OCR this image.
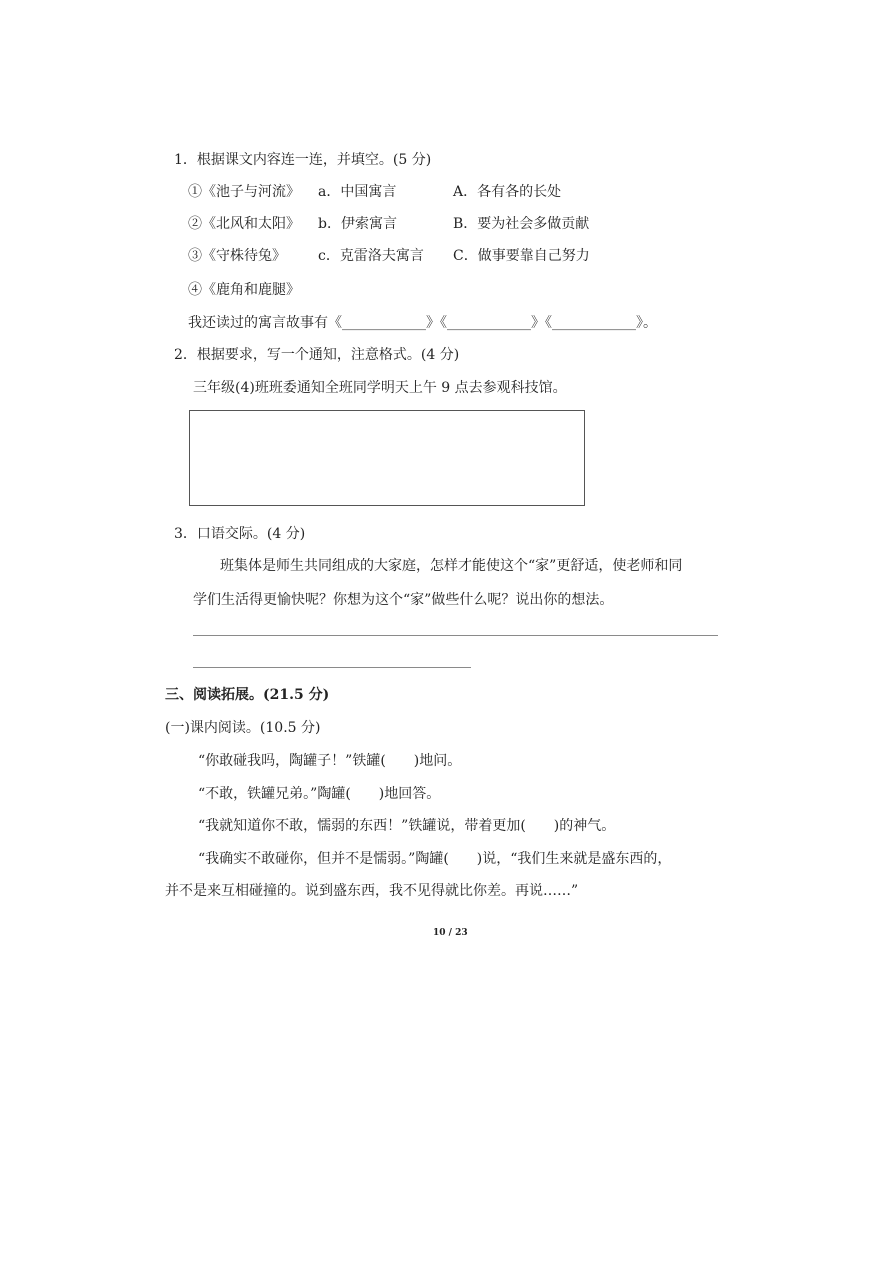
1．根据课文内容连一连，并填空。(5 分)
①《池子与河流》 a．中国寓言	A．各有各的长处
②《北风和太阳》 b．伊索寓言	B．要为社会多做贡献
③《守株待兔》 c．克雷洛夫寓言 C．做事要靠自己努力
④《鹿角和鹿腿》
我还读过的寓言故事有《____________》《____________》《____________》。
2．根据要求，写一个通知，注意格式。(4 分)
三年级(4)班班委通知全班同学明天上午 9 点去参观科技馆。
3．口语交际。(4 分)
班集体是师生共同组成的大家庭，怎样才能使这个“家”更舒适，使老师和同
学们生活得更愉快呢？你想为这个“家”做些什么呢？说出你的想法。
三、阅读拓展。(21.5 分)
(一)课内阅读。(10.5 分)
“你敢碰我吗，陶罐子！”铁罐(　　)地问。
“不敢，铁罐兄弟。”陶罐(　　)地回答。
“我就知道你不敢，懦弱的东西！”铁罐说，带着更加(　　)的神气。
“我确实不敢碰你，但并不是懦弱。”陶罐(　　)说，“我们生来就是盛东西的，
并不是来互相碰撞的。说到盛东西，我不见得就比你差。再说……”
10 / 23
